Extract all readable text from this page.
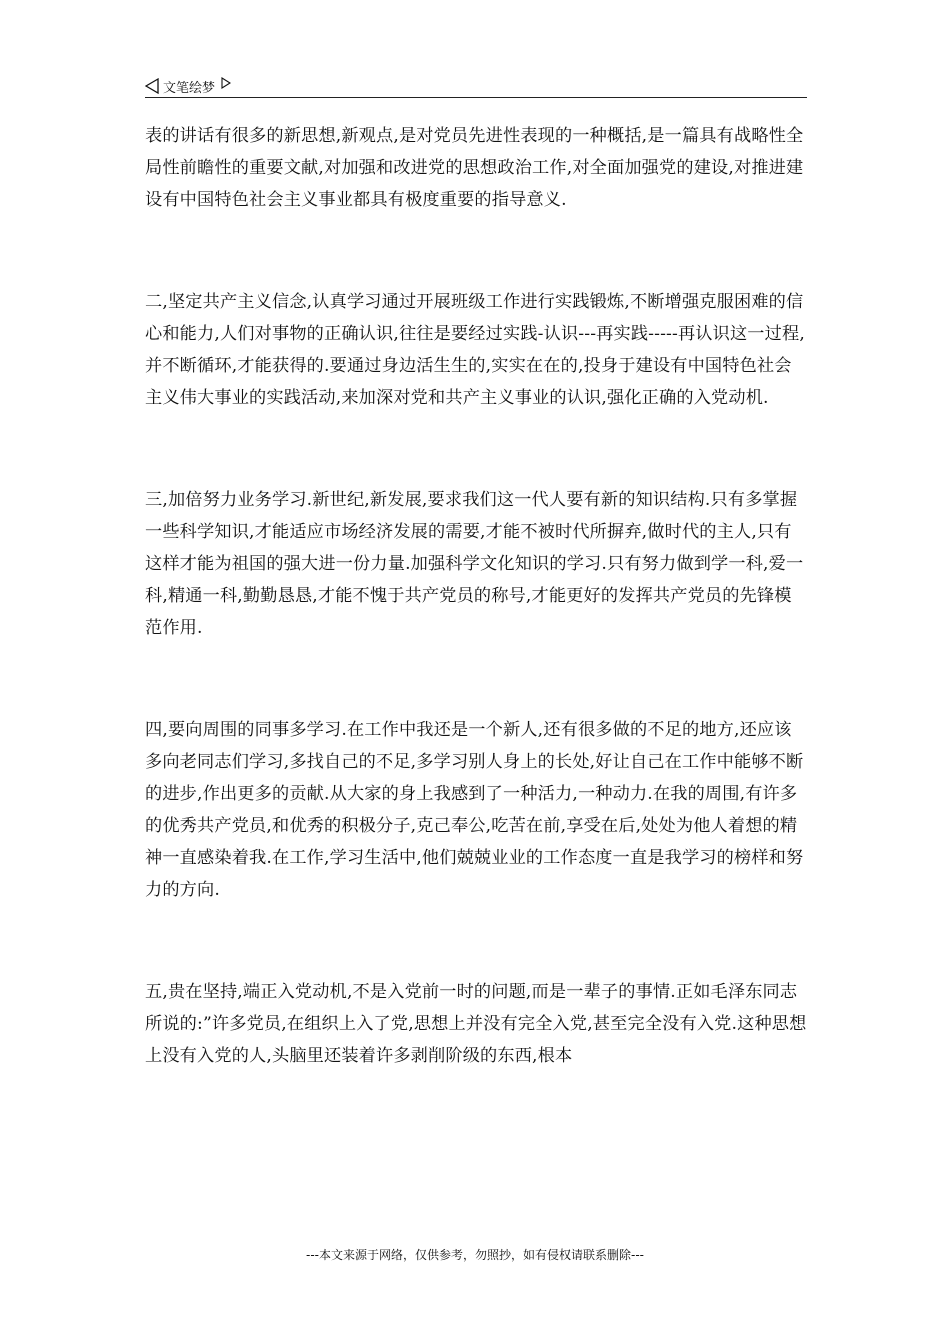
文笔绘梦

表的讲话有很多的新思想,新观点,是对党员先进性表现的一种概括,是一篇具有战略性全局性前瞻性的重要文献,对加强和改进党的思想政治工作,对全面加强党的建设,对推进建设有中国特色社会主义事业都具有极度重要的指导意义.

二,坚定共产主义信念,认真学习通过开展班级工作进行实践锻炼,不断增强克服困难的信心和能力,人们对事物的正确认识,往往是要经过实践-认识---再实践-----再认识这一过程,并不断循环,才能获得的.要通过身边活生生的,实实在在的,投身于建设有中国特色社会主义伟大事业的实践活动,来加深对党和共产主义事业的认识,强化正确的入党动机.

三,加倍努力业务学习.新世纪,新发展,要求我们这一代人要有新的知识结构.只有多掌握一些科学知识,才能适应市场经济发展的需要,才能不被时代所摒弃,做时代的主人,只有这样才能为祖国的强大进一份力量.加强科学文化知识的学习.只有努力做到学一科,爱一科,精通一科,勤勤恳恳,才能不愧于共产党员的称号,才能更好的发挥共产党员的先锋模范作用.

四,要向周围的同事多学习.在工作中我还是一个新人,还有很多做的不足的地方,还应该多向老同志们学习,多找自己的不足,多学习别人身上的长处,好让自己在工作中能够不断的进步,作出更多的贡献.从大家的身上我感到了一种活力,一种动力.在我的周围,有许多的优秀共产党员,和优秀的积极分子,克己奉公,吃苦在前,享受在后,处处为他人着想的精神一直感染着我.在工作,学习生活中,他们兢兢业业的工作态度一直是我学习的榜样和努力的方向.

五,贵在坚持,端正入党动机,不是入党前一时的问题,而是一辈子的事情.正如毛泽东同志所说的:”许多党员,在组织上入了党,思想上并没有完全入党,甚至完全没有入党.这种思想上没有入党的人,头脑里还装着许多剥削阶级的东西,根本

---本文来源于网络，仅供参考，勿照抄，如有侵权请联系删除---
